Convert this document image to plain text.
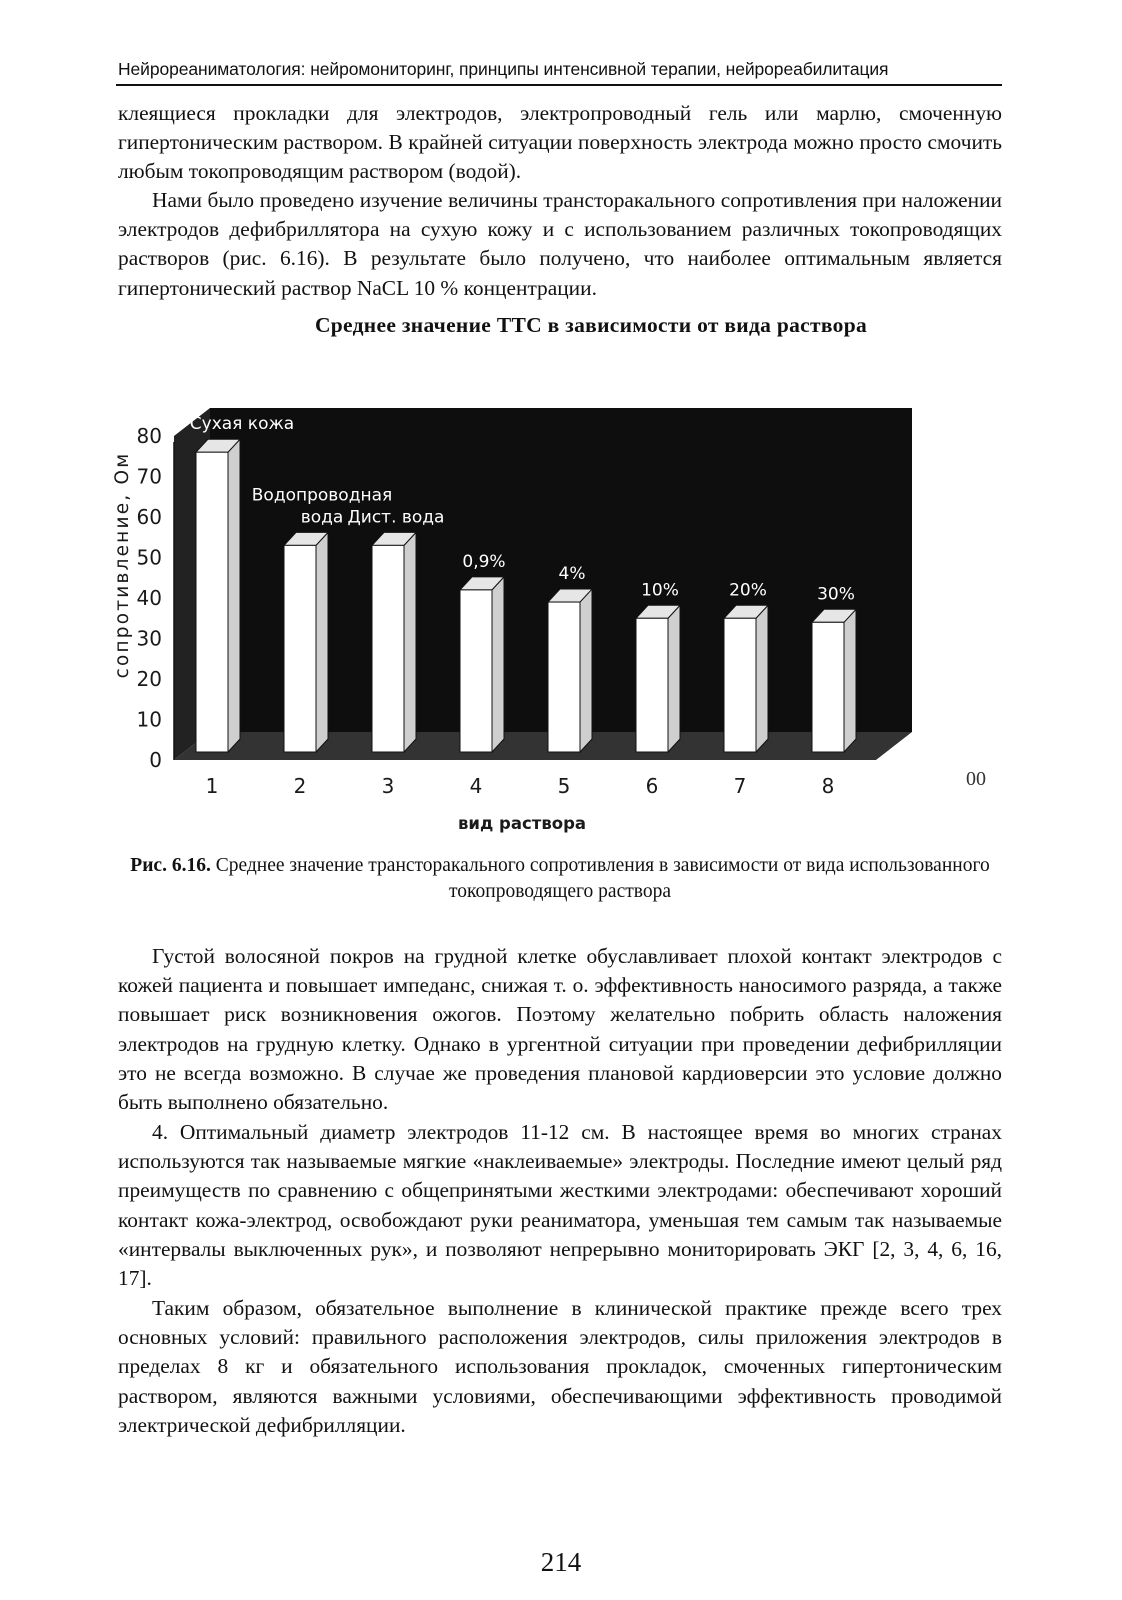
Нейрореаниматология: нейромониторинг, принципы интенсивной терапии, нейрореабилитация

клеящиеся прокладки для электродов, электропроводный гель или марлю, смоченную гипертоническим раствором. В крайней ситуации поверхность электрода можно просто смочить любым токопроводящим раствором (водой).

Нами было проведено изучение величины трансторакального сопротивления при наложении электродов дефибриллятора на сухую кожу и с использованием различных токопроводящих растворов (рис. 6.16). В результате было получено, что наиболее оптимальным является гипертонический раствор NaCL 10 % концентрации.

Среднее значение ТТС в зависимости от вида раствора
0
10
20
30
40
50
60
70
80
сопротивление, Ом
1
Сухая кожа
2
Водопроводная
вода
3
Дист. вода
4
0,9%
5
4%
6
10%
7
20%
8
30%
вид раствора
00
Рис. 6.16. Среднее значение трансторакального сопротивления в зависимости от вида использованного токопроводящего раствора

Густой волосяной покров на грудной клетке обуславливает плохой контакт электродов с кожей пациента и повышает импеданс, снижая т. о. эффективность наносимого разряда, а также повышает риск возникновения ожогов. Поэтому желательно побрить область наложения электродов на грудную клетку. Однако в ургентной ситуации при проведении дефибрилляции это не всегда возможно. В случае же проведения плановой кардиоверсии это условие должно быть выполнено обязательно.

4. Оптимальный диаметр электродов 11-12 см. В настоящее время во многих странах используются так называемые мягкие «наклеиваемые» электроды. Последние имеют целый ряд преимуществ по сравнению с общепринятыми жесткими электродами: обеспечивают хороший контакт кожа-электрод, освобождают руки реаниматора, уменьшая тем самым так называемые «интервалы выключенных рук», и позволяют непрерывно мониторировать ЭКГ [2, 3, 4, 6, 16, 17].

Таким образом, обязательное выполнение в клинической практике прежде всего трех основных условий: правильного расположения электродов, силы приложения электродов в пределах 8 кг и обязательного использования прокладок, смоченных гипертоническим раствором, являются важными условиями, обеспечивающими эффективность проводимой электрической дефибрилляции.

214
